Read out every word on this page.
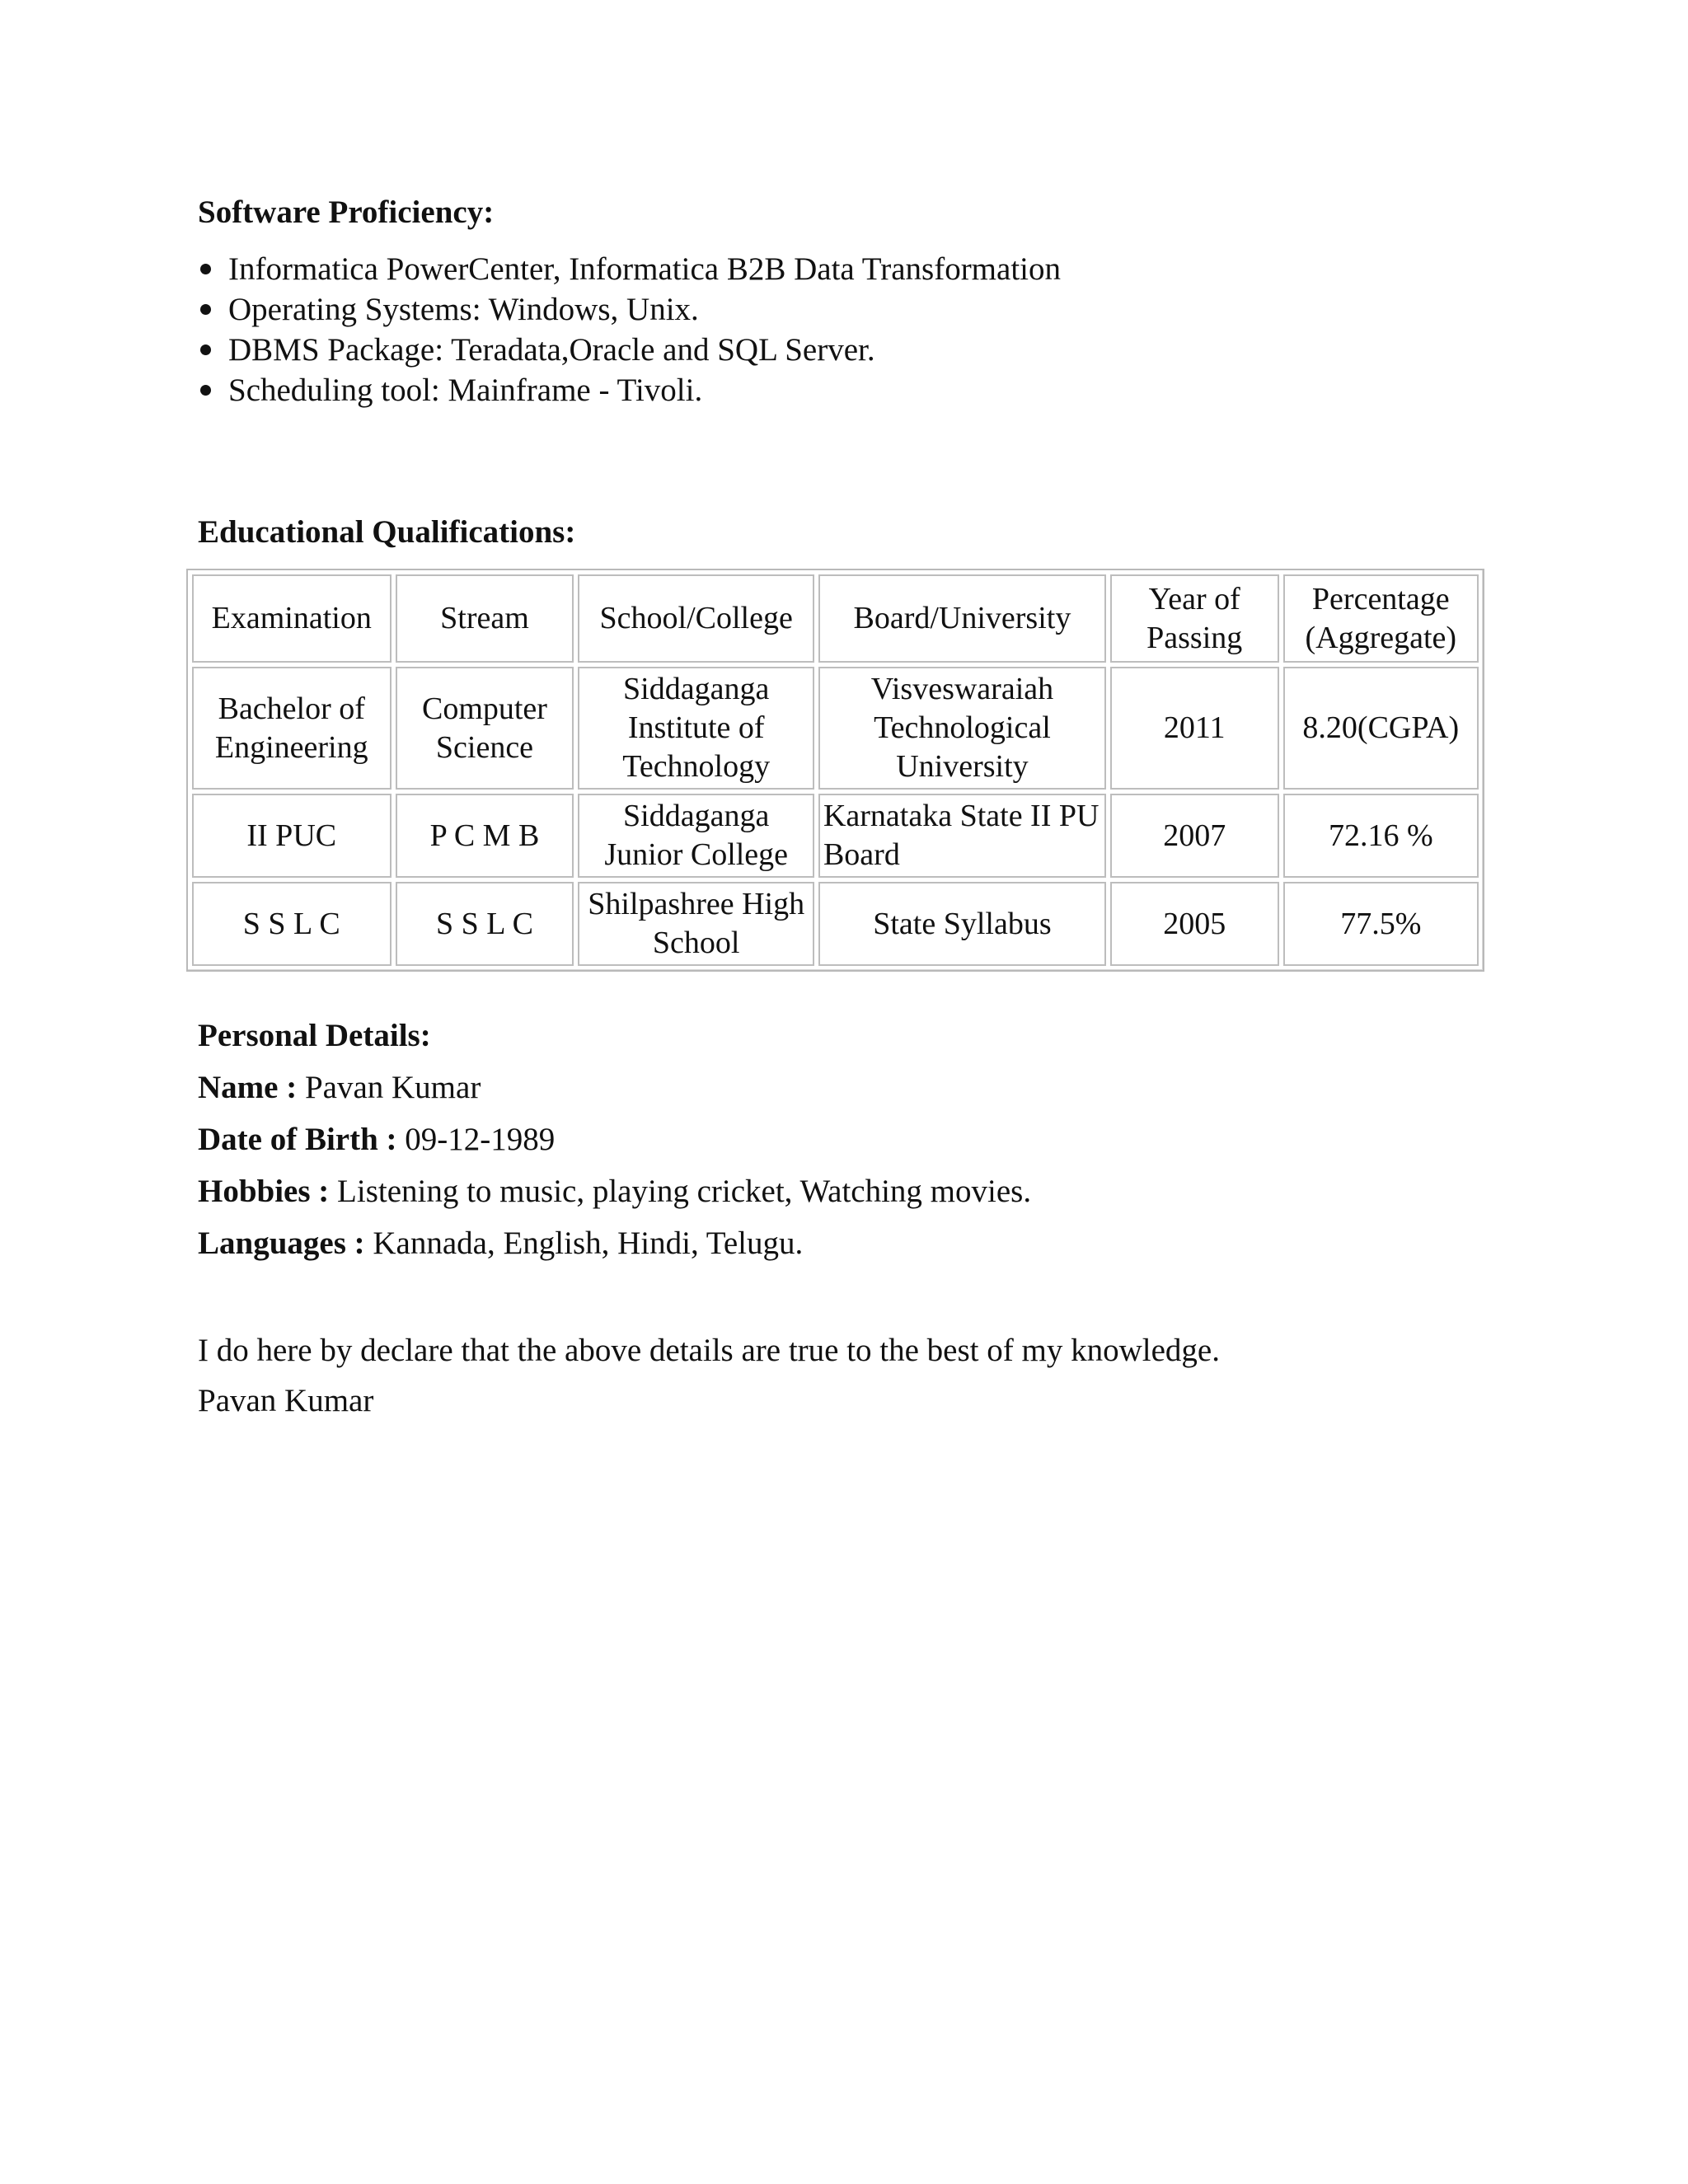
Software Proficiency:
Informatica PowerCenter, Informatica B2B Data Transformation
Operating Systems: Windows, Unix.
DBMS Package: Teradata,Oracle and SQL Server.
Scheduling tool: Mainframe - Tivoli.
Educational Qualifications:
Examination	Stream	School/College	Board/University	Year of Passing	Percentage (Aggregate)
Bachelor of Engineering	Computer Science	Siddaganga Institute of Technology	Visveswaraiah Technological University	2011	8.20(CGPA)
II PUC	P C M B	Siddaganga Junior College	Karnataka State II PU Board	2007	72.16 %
S S L C	S S L C	Shilpashree High School	State Syllabus	2005	77.5%
Personal Details:
Name : Pavan Kumar
Date of Birth : 09-12-1989
Hobbies : Listening to music, playing cricket, Watching movies.
Languages : Kannada, English, Hindi, Telugu.
I do here by declare that the above details are true to the best of my knowledge.
Pavan Kumar
